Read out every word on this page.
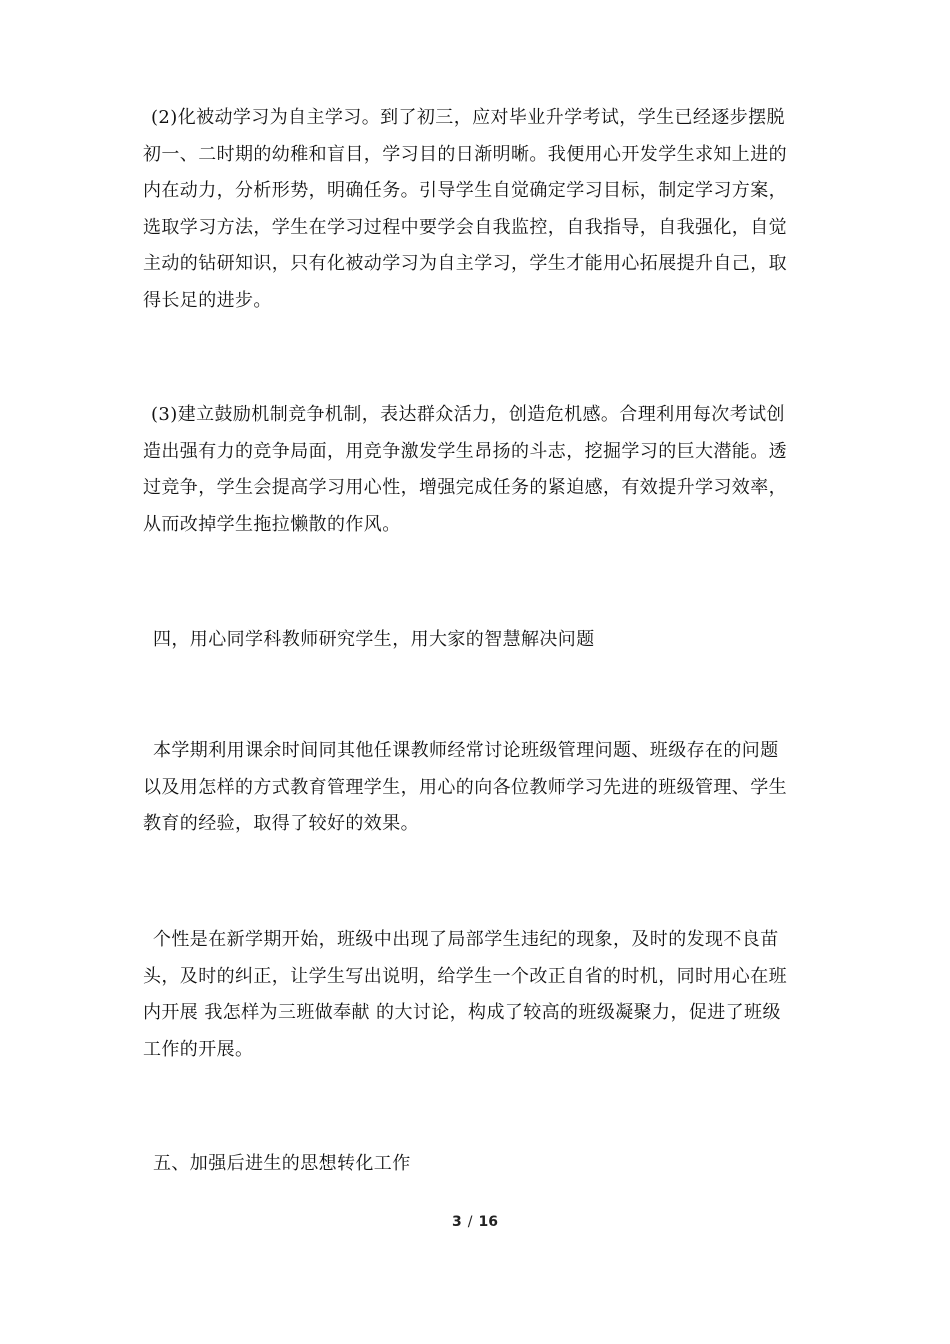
(2)化被动学习为自主学习。到了初三，应对毕业升学考试，学生已经逐步摆脱
初一、二时期的幼稚和盲目，学习目的日渐明晰。我便用心开发学生求知上进的
内在动力，分析形势，明确任务。引导学生自觉确定学习目标，制定学习方案，
选取学习方法，学生在学习过程中要学会自我监控，自我指导，自我强化，自觉
主动的钻研知识，只有化被动学习为自主学习，学生才能用心拓展提升自己，取
得长足的进步。

(3)建立鼓励机制竞争机制，表达群众活力，创造危机感。合理利用每次考试创
造出强有力的竞争局面，用竞争激发学生昂扬的斗志，挖掘学习的巨大潜能。透
过竞争，学生会提高学习用心性，增强完成任务的紧迫感，有效提升学习效率，
从而改掉学生拖拉懒散的作风。

四，用心同学科教师研究学生，用大家的智慧解决问题

本学期利用课余时间同其他任课教师经常讨论班级管理问题、班级存在的问题
以及用怎样的方式教育管理学生，用心的向各位教师学习先进的班级管理、学生
教育的经验，取得了较好的效果。

个性是在新学期开始，班级中出现了局部学生违纪的现象，及时的发现不良苗
头，及时的纠正，让学生写出说明，给学生一个改正自省的时机，同时用心在班
内开展 我怎样为三班做奉献 的大讨论，构成了较高的班级凝聚力，促进了班级
工作的开展。

五、加强后进生的思想转化工作

3 / 16
